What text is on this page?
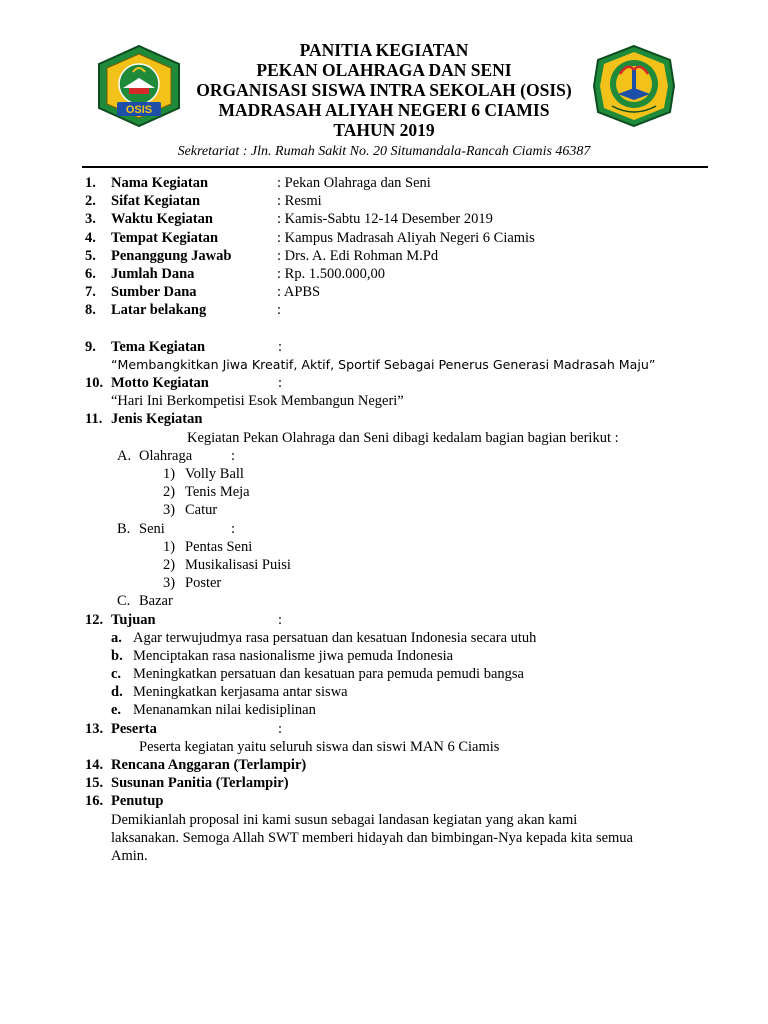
OSIS
PANITIA KEGIATAN
PEKAN OLAHRAGA DAN SENI
ORGANISASI SISWA INTRA SEKOLAH (OSIS)
MADRASAH ALIYAH NEGERI 6 CIAMIS
TAHUN 2019
Sekretariat : Jln. Rumah Sakit No. 20 Situmandala-Rancah Ciamis 46387
1.	Nama Kegiatan	: Pekan Olahraga dan Seni
2.	Sifat Kegiatan	: Resmi
3.	Waktu Kegiatan	: Kamis-Sabtu 12-14 Desember 2019
4.	Tempat Kegiatan	: Kampus Madrasah Aliyah Negeri 6 Ciamis
5.	Penanggung Jawab	: Drs. A. Edi Rohman M.Pd
6.	Jumlah Dana	: Rp. 1.500.000,00
7.	Sumber Dana	: APBS
8.	Latar belakang	:
9.	Tema Kegiatan	:
“Membangkitkan Jiwa Kreatif, Aktif, Sportif Sebagai Penerus Generasi Madrasah Maju”
10. Motto Kegiatan	:
“Hari Ini Berkompetisi Esok Membangun Negeri”
11. Jenis Kegiatan
Kegiatan Pekan Olahraga dan Seni dibagi kedalam bagian bagian berikut :
A. Olahraga	:
1) Volly Ball
2) Tenis Meja
3) Catur
B. Seni	:
1) Pentas Seni
2) Musikalisasi Puisi
3) Poster
C. Bazar
12. Tujuan	:
a. Agar terwujudmya rasa persatuan dan kesatuan Indonesia secara utuh
b. Menciptakan rasa nasionalisme jiwa pemuda Indonesia
c. Meningkatkan persatuan dan kesatuan para pemuda pemudi bangsa
d. Meningkatkan kerjasama antar siswa
e. Menanamkan nilai kedisiplinan
13. Peserta	:
Peserta kegiatan yaitu seluruh siswa dan siswi MAN 6 Ciamis
14. Rencana Anggaran (Terlampir)
15. Susunan Panitia (Terlampir)
16. Penutup
Demikianlah proposal ini kami susun sebagai landasan kegiatan yang akan kami
laksanakan. Semoga Allah SWT memberi hidayah dan bimbingan-Nya kepada kita semua
Amin.
